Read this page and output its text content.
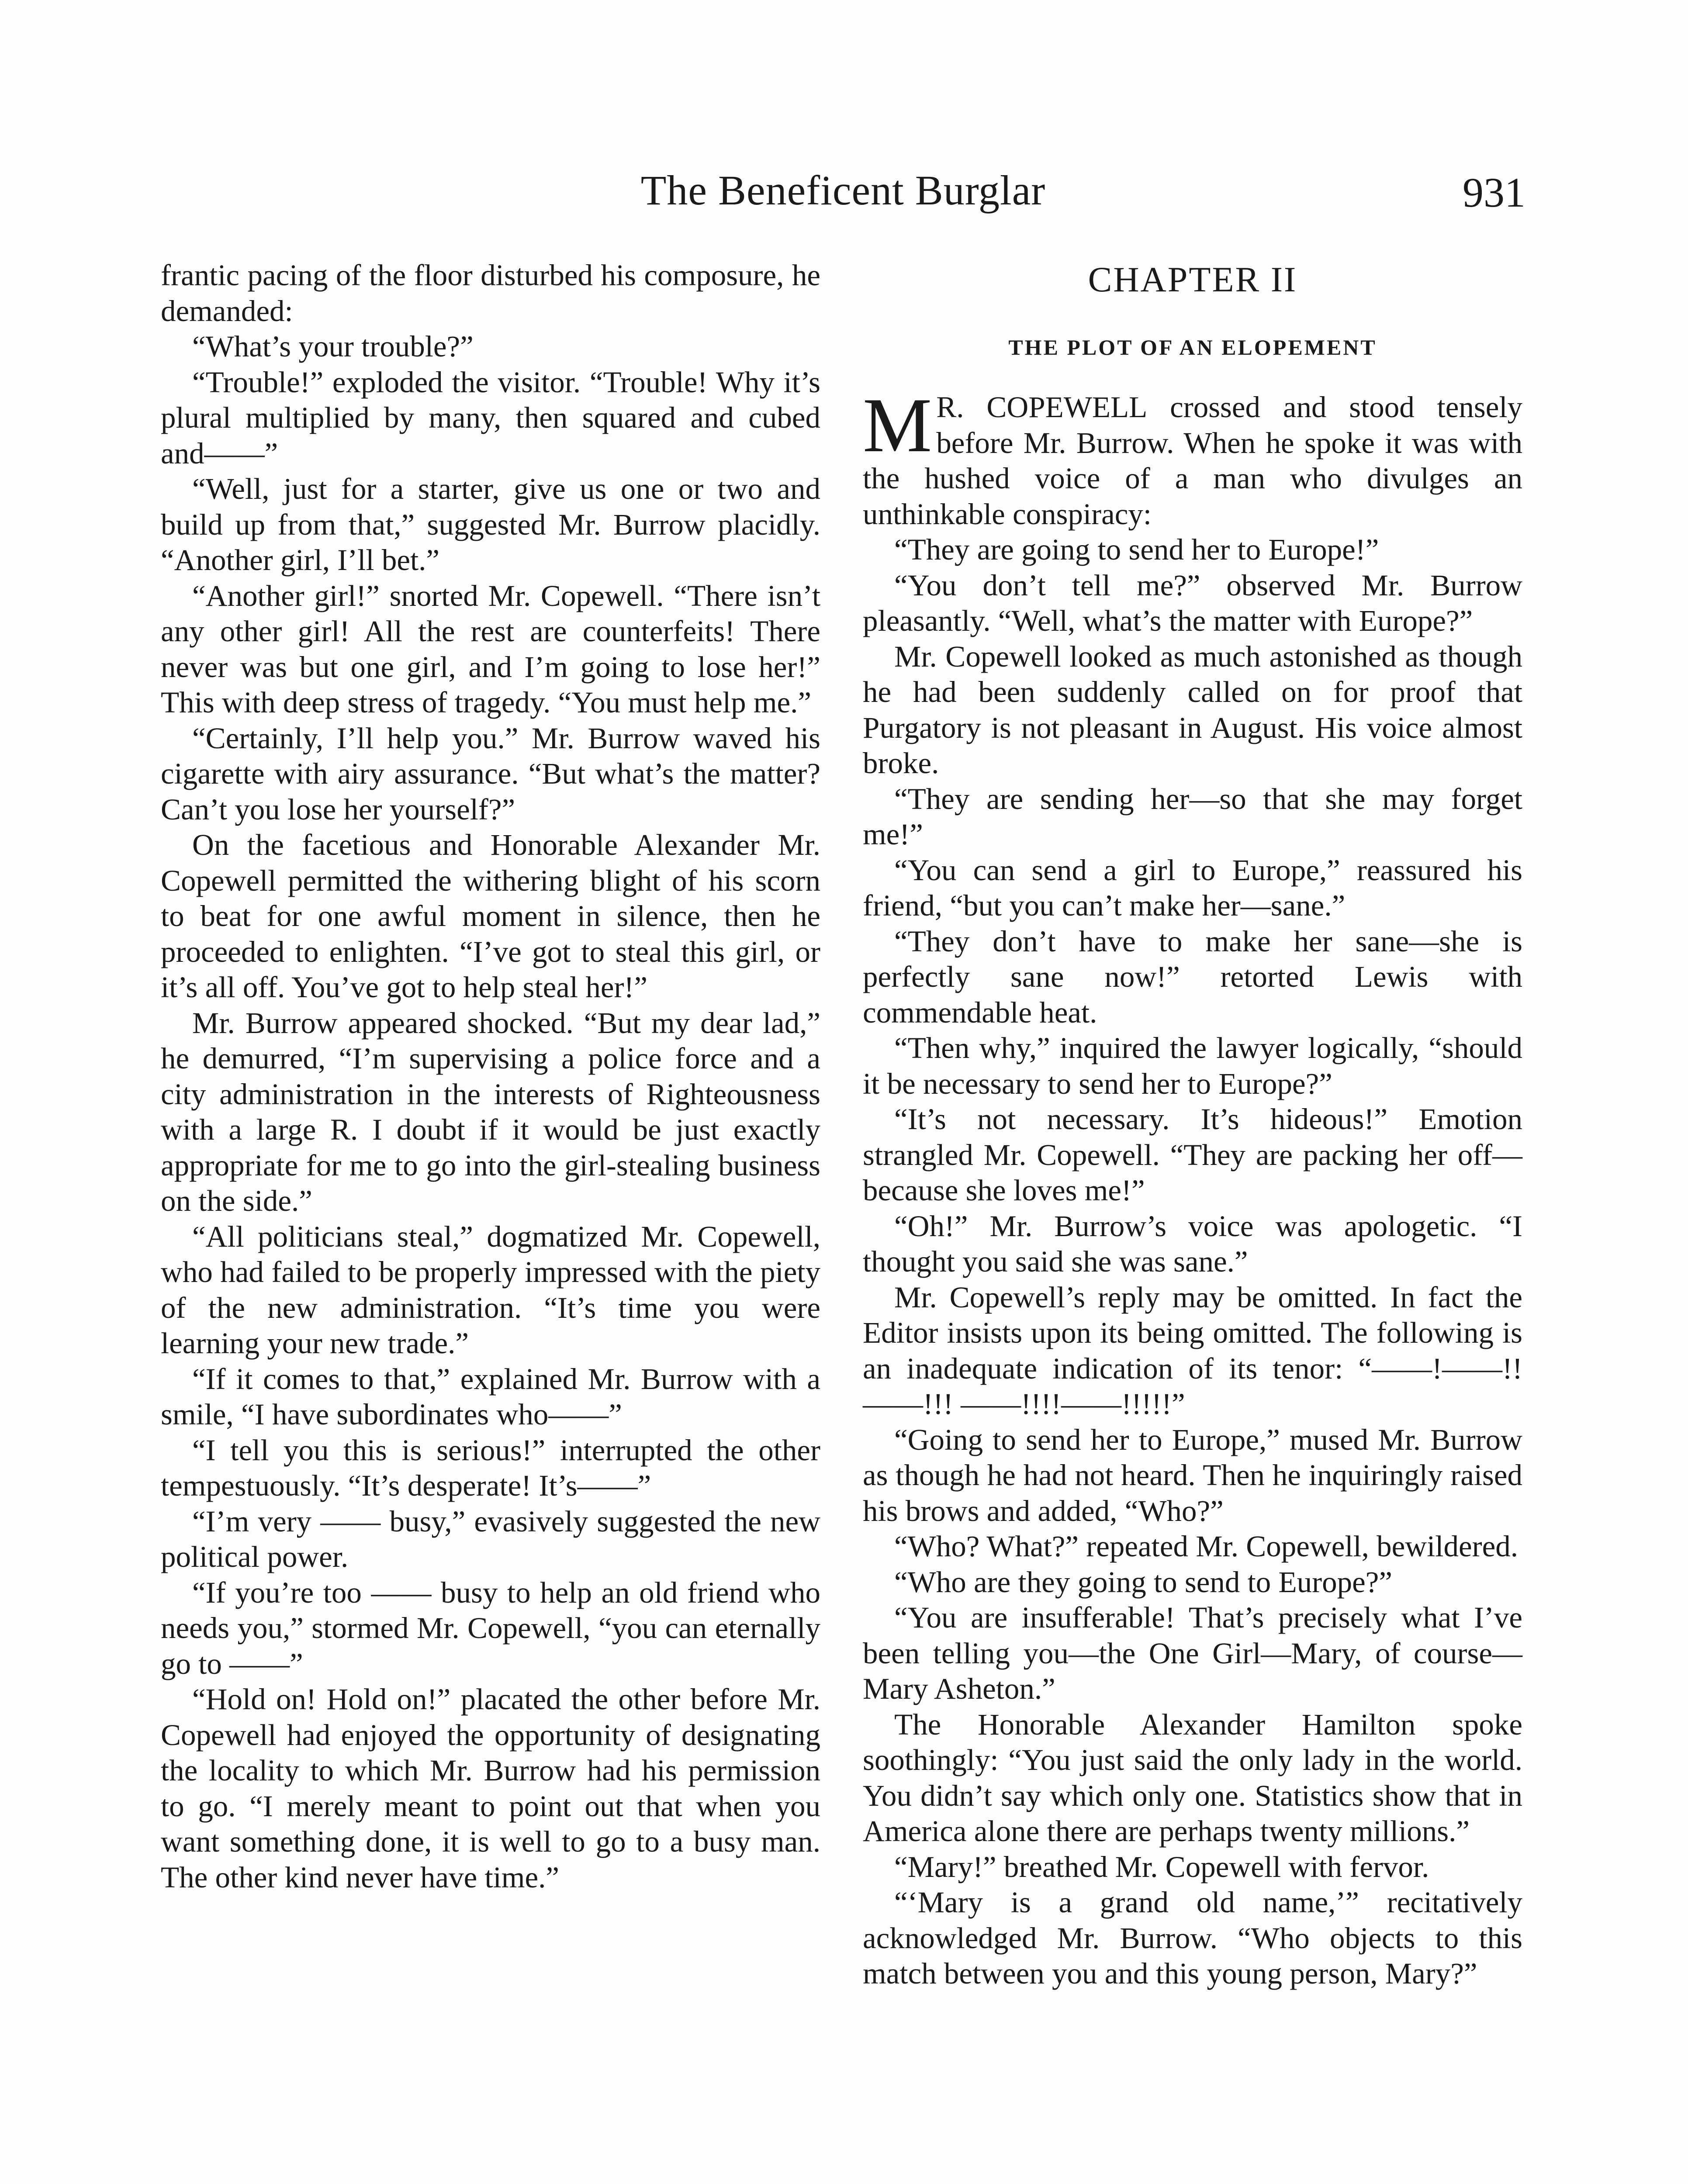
The Beneficent Burglar	931

frantic pacing of the floor disturbed his composure, he demanded:

“What’s your trouble?”

“Trouble!” exploded the visitor. “Trouble! Why it’s plural multiplied by many, then squared and cubed and——”

“Well, just for a starter, give us one or two and build up from that,” suggested Mr. Burrow placidly. “Another girl, I’ll bet.”

“Another girl!” snorted Mr. Copewell. “There isn’t any other girl! All the rest are counterfeits! There never was but one girl, and I’m going to lose her!” This with deep stress of tragedy. “You must help me.”

“Certainly, I’ll help you.” Mr. Burrow waved his cigarette with airy assurance. “But what’s the matter? Can’t you lose her yourself?”

On the facetious and Honorable Alexander Mr. Copewell permitted the withering blight of his scorn to beat for one awful moment in silence, then he proceeded to enlighten. “I’ve got to steal this girl, or it’s all off. You’ve got to help steal her!”

Mr. Burrow appeared shocked. “But my dear lad,” he demurred, “I’m supervising a police force and a city administration in the interests of Righteousness with a large R. I doubt if it would be just exactly appropriate for me to go into the girl-stealing business on the side.”

“All politicians steal,” dogmatized Mr. Copewell, who had failed to be properly impressed with the piety of the new administration. “It’s time you were learning your new trade.”

“If it comes to that,” explained Mr. Burrow with a smile, “I have subordinates who——”

“I tell you this is serious!” interrupted the other tempestuously. “It’s desperate! It’s——”

“I’m very —— busy,” evasively suggested the new political power.

“If you’re too —— busy to help an old friend who needs you,” stormed Mr. Copewell, “you can eternally go to ——”

“Hold on! Hold on!” placated the other before Mr. Copewell had enjoyed the opportunity of designating the locality to which Mr. Burrow had his permission to go. “I merely meant to point out that when you want something done, it is well to go to a busy man. The other kind never have time.”

CHAPTER II
THE PLOT OF AN ELOPEMENT

M R. COPEWELL crossed and stood tensely before Mr. Burrow. When he spoke it was with the hushed voice of a man who divulges an unthinkable conspiracy:

“They are going to send her to Europe!”

“You don’t tell me?” observed Mr. Burrow pleasantly. “Well, what’s the matter with Europe?”

Mr. Copewell looked as much astonished as though he had been suddenly called on for proof that Purgatory is not pleasant in August. His voice almost broke.

“They are sending her—so that she may forget me!”

“You can send a girl to Europe,” reassured his friend, “but you can’t make her—sane.”

“They don’t have to make her sane—she is perfectly sane now!” retorted Lewis with commendable heat.

“Then why,” inquired the lawyer logically, “should it be necessary to send her to Europe?”

“It’s not necessary. It’s hideous!” Emotion strangled Mr. Copewell. “They are packing her off—because she loves me!”

“Oh!” Mr. Burrow’s voice was apologetic. “I thought you said she was sane.”

Mr. Copewell’s reply may be omitted. In fact the Editor insists upon its being omitted. The following is an inadequate indication of its tenor: “——!——!!——!!! ——!!!!——!!!!!”

“Going to send her to Europe,” mused Mr. Burrow as though he had not heard. Then he inquiringly raised his brows and added, “Who?”

“Who? What?” repeated Mr. Copewell, bewildered.

“Who are they going to send to Europe?”

“You are insufferable! That’s precisely what I’ve been telling you—the One Girl—Mary, of course—Mary Asheton.”

The Honorable Alexander Hamilton spoke soothingly: “You just said the only lady in the world. You didn’t say which only one. Statistics show that in America alone there are perhaps twenty millions.”

“Mary!” breathed Mr. Copewell with fervor.

“‘Mary is a grand old name,’” recitatively acknowledged Mr. Burrow. “Who objects to this match between you and this young person, Mary?”
